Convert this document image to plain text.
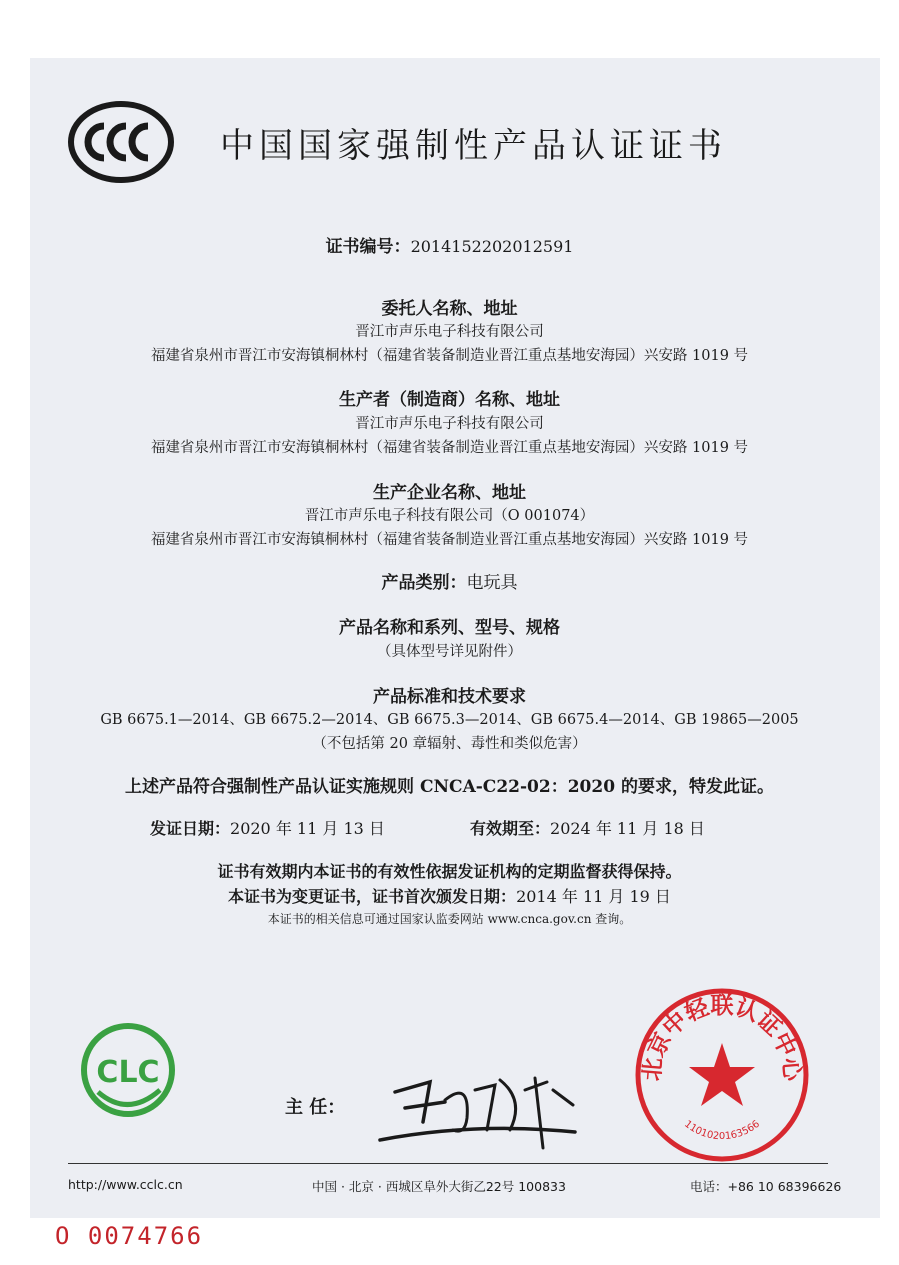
中国国家强制性产品认证证书
证书编号：2014152202012591
委托人名称、地址
晋江市声乐电子科技有限公司
福建省泉州市晋江市安海镇桐林村（福建省装备制造业晋江重点基地安海园）兴安路 1019 号
生产者（制造商）名称、地址
晋江市声乐电子科技有限公司
福建省泉州市晋江市安海镇桐林村（福建省装备制造业晋江重点基地安海园）兴安路 1019 号
生产企业名称、地址
晋江市声乐电子科技有限公司（O 001074）
福建省泉州市晋江市安海镇桐林村（福建省装备制造业晋江重点基地安海园）兴安路 1019 号
产品类别：电玩具
产品名称和系列、型号、规格
（具体型号详见附件）
产品标准和技术要求
GB 6675.1—2014、GB 6675.2—2014、GB 6675.3—2014、GB 6675.4—2014、GB 19865—2005
（不包括第 20 章辐射、毒性和类似危害）
上述产品符合强制性产品认证实施规则 CNCA-C22-02：2020 的要求，特发此证。
发证日期：2020 年 11 月 13 日	有效期至：2024 年 11 月 18 日
证书有效期内本证书的有效性依据发证机构的定期监督获得保持。
本证书为变更证书，证书首次颁发日期：2014 年 11 月 19 日
本证书的相关信息可通过国家认监委网站 www.cnca.gov.cn 查询。
CLC
主 任：
北京中轻联认证中心
1101020163566
http://www.cclc.cn	中国 · 北京 · 西城区阜外大街乙22号 100833	电话：+86 10 68396626
O 0074766
